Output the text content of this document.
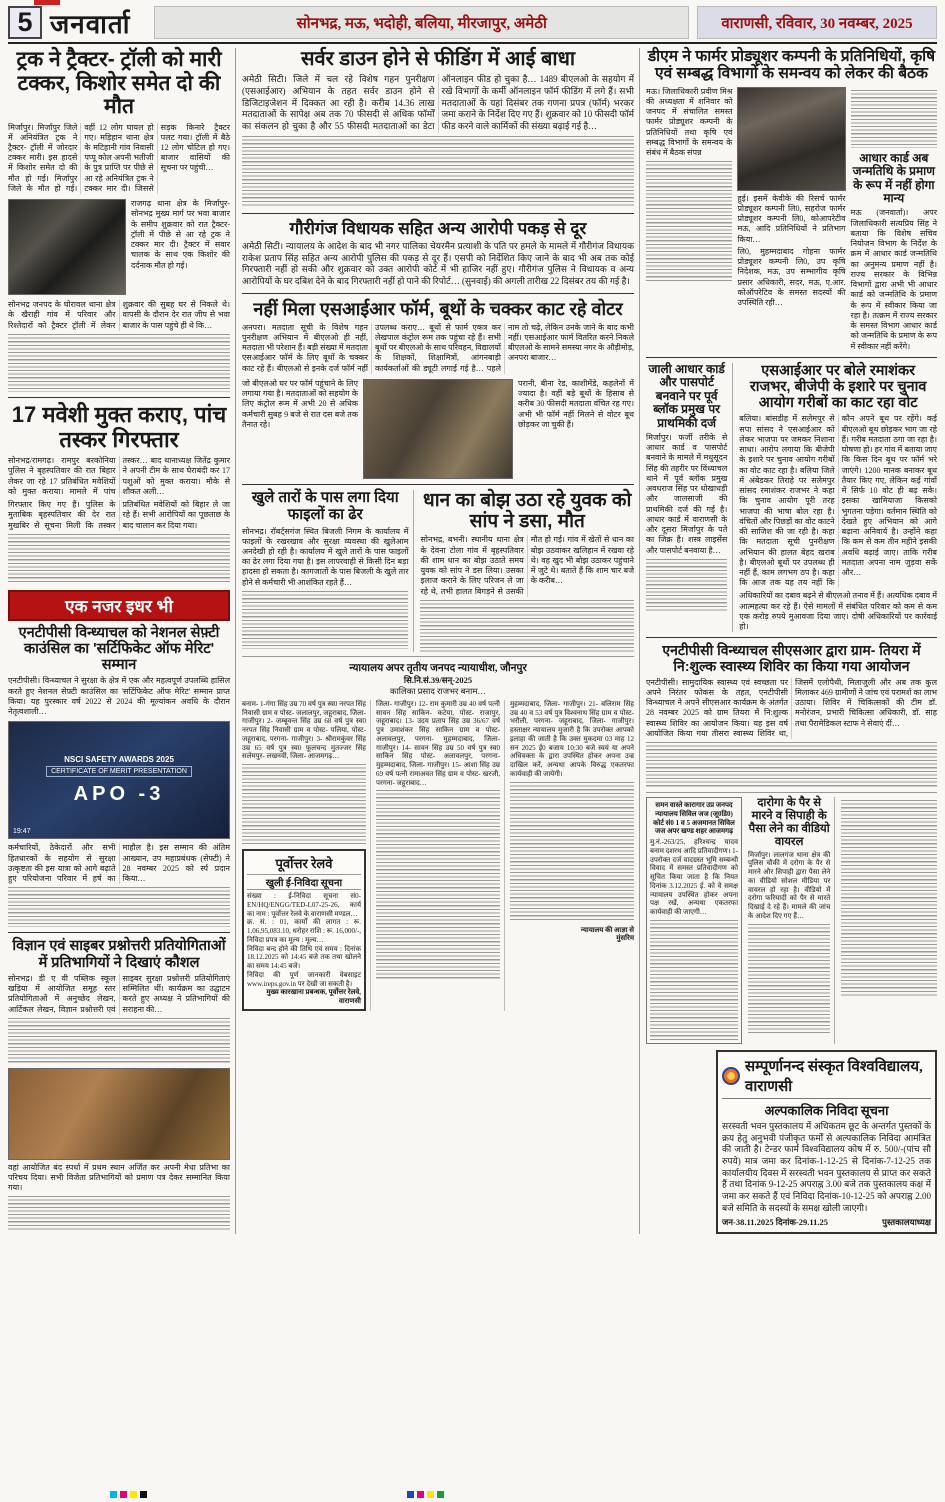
5 जनवार्ता	सोनभद्र, मऊ, भदोही, बलिया, मीरजापुर, अमेठी	वाराणसी, रविवार, 30 नवम्बर, 2025
ट्रक ने ट्रैक्टर- ट्रॉली को मारी टक्कर, किशोर समेत दो की मौत
मिर्जापुर। मिर्जापुर जिले में अनियंत्रित ट्रक ने ट्रैक्टर- ट्रॉली में जोरदार टक्कर मारी। इस हादसे में किशोर समेत दो की मौत हो गई। मिर्जापुर जिले के मौत हो गई। वहीं 12 लोग घायल हो गए। मड़िहान थाना क्षेत्र के मटिहानी गांव निवासी पप्पू कोल अपनी भतीजी के पुत्र प्राप्ति पर पीछे से आ रहे अनियंत्रित ट्रक ने टक्कर मार दी। जिससे सड़क किनारे ट्रैक्टर पलट गया। ट्रॉली में बैठे 12 लोग चोटिल हो गए। बाजार वासियों की सूचना पर पहुंची…
राजगढ़ थाना क्षेत्र के मिर्जापुर- सोनभद्र मुख्य मार्ग पर भवा बाजार के समीप शुक्रवार को रात ट्रैक्टर- ट्रॉली में पीछे से आ रहे ट्रक ने टक्कर मार दी। ट्रैक्टर में सवार चालक के साथ एक किशोर की दर्दनाक मौत हो गई।
सोनभद्र जनपद के घोरावल थाना क्षेत्र के खैराही गांव में परिवार और रिश्तेदारों को ट्रैक्टर ट्रॉली में लेकर शुक्रवार की सुबह घर से निकले थे। वापसी के दौरान देर रात जीप से भवा बाजार के पास पहुंचे ही थे कि…
17 मवेशी मुक्त कराए, पांच तस्कर गिरफ्तार
सोनभद्र/रामगढ़। रामपुर बरकोनिया पुलिस ने बृहस्पतिवार की रात बिहार लेकर जा रहे 17 प्रतिबंधित मवेशियों को मुक्त कराया। मामले में पांच तस्कर… बाद थानाध्यक्ष जितेंद्र कुमार ने अपनी टीम के साथ घेराबंदी कर 17 पशुओं को मुक्त कराया। मौके से शौकत अली…
गिरफ्तार किए गए हैं। पुलिस के मुताबिक बृहस्पतिवार की देर रात मुखबिर से सूचना मिली कि तस्कर प्रतिबंधित मवेशियों को बिहार ले जा रहे हैं। सभी आरोपियों का पूछताछ के बाद चालान कर दिया गया।
एक नजर इधर भी
एनटीपीसी विन्ध्याचल को नेशनल सेफ़्टी काउंसिल का 'सर्टिफिकेट ऑफ मेरिट' सम्मान
एनटीपीसी। विन्ध्याचल ने सुरक्षा के क्षेत्र में एक और महत्वपूर्ण उपलब्धि हासिल करते हुए नेशनल सेफ़्टी काउंसिल का 'सर्टिफिकेट ऑफ मेरिट' सम्मान प्राप्त किया। यह पुरस्कार वर्ष 2022 से 2024 की मूल्यांकन अवधि के दौरान नेतृत्वशाली…
NSCI SAFETY AWARDS 2025
CERTIFICATE OF MERIT PRESENTATION
APO -3
19:47
कर्मचारियों, ठेकेदारों और सभी हितधारकों के सहयोग से सुरक्षा उत्कृष्टता की इस यात्रा को आगे बढ़ाते हुए परियोजना परिवार में हर्ष का माहौल है। इस सम्मान की अंतिम आख्यान, उप महाप्रबंधक (सेफ्टी) ने 28 नवम्बर 2025 को र्स्प प्रदान किया…
विज्ञान एवं साइबर प्रश्नोत्तरी प्रतियोगिताओं में प्रतिभागियों ने दिखाएं कौशल
सोनभद्र। डी ए वी पब्लिक स्कूल खड़िया में आयोजित समूह स्तर प्रतियोगिताओं में अनुच्छेद लेखन, आर्टिकल लेखन, विज्ञान प्रश्नोत्तरी एवं साइबर सुरक्षा प्रश्नोत्तरी प्रतियोगिताएं सम्मिलित थीं। कार्यक्रम का उद्घाटन करते हुए अध्यक्ष ने प्रतिभागियों की सराहना की…
वहां आयोजित बंद स्पर्धा में प्रथम स्थान अर्जित कर अपनी मेधा प्रतिभा का परिचय दिया। सभी विजेता प्रतिभागियों को प्रमाण पत्र देकर सम्मानित किया गया।
सर्वर डाउन होने से फीडिंग में आई बाधा
अमेठी सिटी। जिले में चल रहे विशेष गहन पुनरीक्षण (एसआईआर) अभियान के तहत सर्वर डाउन होने से डिजिटाइजेशन में दिक्कत आ रही है। करीब 14.36 लाख मतदाताओं के सापेक्ष अब तक 70 फीसदी से अधिक फॉर्मों का संकलन हो चुका है और 55 फीसदी मतदाताओं का डेटा ऑनलाइन फीड हो चुका है… 1489 बीएलओ के सहयोग में रखे विभागों के कर्मी ऑनलाइन फॉर्म फीडिंग में लगे हैं। सभी मतदाताओं के यहां दिसंबर तक गणना प्रपत्र (फॉर्म) भरकर जमा कराने के निर्देश दिए गए हैं। शुक्रवार को 10 फीसदी फॉर्म फीड करने वाले कार्मिकों की संख्या बढ़ाई गई है…
गौरीगंज विधायक सहित अन्य आरोपी पकड़ से दूर
अमेठी सिटी। न्यायालय के आदेश के बाद भी नगर पालिका चेयरमैन प्रत्याशी के पति पर हमले के मामले में गौरीगंज विधायक राकेश प्रताप सिंह सहित अन्य आरोपी पुलिस की पकड़ से दूर हैं। एसपी को निर्देशित किए जाने के बाद भी अब तक कोई गिरफ्तारी नहीं हो सकी और शुक्रवार को उक्त आरोपी कोर्ट में भी हाजिर नहीं हुए। गौरीगंज पुलिस ने विधायक व अन्य आरोपियों के घर दबिश देने के बाद गिरफ्तारी नहीं हो पाने की रिपोर्ट… (सुनवाई) की अगली तारीख 22 दिसंबर तय की गई है।
नहीं मिला एसआईआर फॉर्म, बूथों के चक्कर काट रहे वोटर
अनपरा। मतदाता सूची के विशेष गहन पुनरीक्षण अभियान में बीएलओ ही नहीं, मतदाता भी परेशान हैं। बड़ी संख्या में मतदाता एसआईआर फॉर्म के लिए बूथों के चक्कर काट रहे हैं। बीएलओ से इनके दर्ज फॉर्म नहीं उपलब्ध कराए… बूथों से फार्म एकत्र कर लेखपाल कंट्रोल रूम तक पहुंचा रहे हैं। सभी बूथों पर बीएलओ के साथ परिवहन, विद्यालयों के शिक्षकों, शिक्षामित्रों, आंगनबाड़ी कार्यकर्ताओं की ड्यूटी लगाई गई है… पहले नाम तो चढ़े, लेकिन उनके जाने के बाद कभी नहीं। एसआईआर फार्म वितरित करने निकले बीएलओ के सामने समस्या नगर के औड़ीमोड़, अनपरा बाजार…
जो बीएलओ घर पर फॉर्म पहुंचाने के लिए लगाया गया है। मतदाताओं को सहयोग के लिए कंट्रोल रूम में अभी 20 से अधिक कर्मचारी सुबह 9 बजे से रात दस बजे तक तैनात रहे।
परानी, बीना रेड, काशीमेंडे, कहलेनों में ज्यादा है। वहीं बड़े बूथों के हिसाब से करीब 30 फीसदी मतदाता वंचित रह गए। अभी भी फॉर्म नहीं मिलने से वोटर बूथ छोड़कर जा चुकी हैं।
खुले तारों के पास लगा दिया फाइलों का ढेर
सोनभद्र। रॉबर्ट्सगंज स्थित बिजली निगम के कार्यालय में फाइलों के रखरखाव और सुरक्षा व्यवस्था की खुलेआम अनदेखी हो रही है। कार्यालय में खुले तारों के पास फाइलों का ढेर लगा दिया गया है। इस लापरवाही से किसी दिन बड़ा हादसा हो सकता है। कागजातों के पास बिजली के खुले तार होने से कर्मचारी भी आशंकित रहते हैं…
धान का बोझ उठा रहे युवक को सांप ने डसा, मौत
सोनभद्र, बभनी। स्थानीय थाना क्षेत्र के देवना टोला गांव में बृहस्पतिवार की शाम धान का बोझ उठाते समय युवक को सांप ने डस लिया। उसका इलाज कराने के लिए परिजन ले जा रहे थे, तभी हालत बिगड़ने से उसकी मौत हो गई। गांव में खेतों से धान का बोझ उठवाकर खलिहान में रखवा रहे थे। वह खुद भी बोझ उठाकर पहुंचाने में जुटे थे। बताते हैं कि शाम चार बजे के करीब…
न्यायालय अपर तृतीय जनपद न्यायाधीश, जौनपुर
सि.नि.सं.39/सन्-2025
कालिका प्रसाद राजभर बनाम…
बनाम- 1-गंगा सिंह उम्र 70 वर्ष पुत्र स्व0 नरपत सिंह निवासी ग्राम व पोस्ट- जलालपुर, जहूराबाद, जिला- गाजीपुर। 2- जम्बूवन्त सिंह उम्र 68 वर्ष पुत्र स्व0 नरपत सिंह निवासी ग्राम व पोस्ट- पलिया, पोस्ट- जहूराबाद, परगना- गाजीपुर। 3- श्रीरामकुंवर सिंह उम्र 65 वर्ष पुत्र स्व0 फूलचन्द मुतज्जर सिंह सलेमपुर- लखनवी, जिला- आजमगढ़…
पूर्वोत्तर रेलवे
खुली ई-निविदा सूचना
संख्या : ई-निविदा सूचना सं0- EN/HQ/ENGG/TED-L07-25-26, कार्य का नाम : पूर्वोत्तर रेलवे के वाराणसी मण्डल…
क्र. सं. : 01, कार्यों की लागत : रू. 1,06,95,083.10, धरोहर राशि : रू. 16,000/-, निविदा प्रपत्र का मूल्य : मूल्य…
निविदा बन्द होने की तिथि एवं समय : दिनांक 18.12.2025 को 14:45 बजे तक तथा खोलने का समय 14:45 बजे।
निविदा की पूर्ण जानकारी वेबसाइट www.ireps.gov.in पर देखी जा सकती है।
मुख्य कारखाना प्रबन्धक, पूर्वोत्तर रेलवे, वाराणसी
जिला- गाजीपुर। 12- राम कुमारी उम्र 40 वर्ष पत्नी सावन सिंह साकिन- कटेया, पोस्ट- राजापुर, जहूराबाद। 13- उदय प्रताप सिंह उम्र 36/67 वर्ष पुत्र उमाशंकर सिंह साकिन ग्राम व पोस्ट- अलावलपुर, परगना- मुहम्मदाबाद, जिला- गाजीपुर। 14- सावन सिंह उम्र 50 वर्ष पुत्र स्व0 साकिन सिंह पोस्ट- अलावलपुर, परगना- मुहम्मदाबाद, जिला- गाजीपुर। 15- आशा सिंह उम्र 69 वर्ष पत्नी रामाअवत सिंह ग्राम व पोस्ट- खरजी, परगना- जहूराबाद…
मुहम्मदाबाद, जिला- गाजीपुर। 21- बलिराम सिंह उम्र 40 व 53 वर्ष पुत्र विश्वनाथ सिंह ग्राम व पोस्ट- भरौली, परगना- जहूराबाद, जिला- गाजीपुर। हस्ताक्षर न्यायालय मुजारी है कि उपरोक्त आपको इलाहा की जाती है कि उक्त मुकदमा 03 माह 12 सन 2025 ई0 बजाय 10:30 बजे स्वयं या अपने अधिवक्ता के द्वारा उपस्थित होकर अपना उज्र दाखिल करें, अन्यथा आपके विरुद्ध एकतरफा कार्यवाही की जायेगी।
न्यायालय की आज्ञा से
मुंसरिम
डीएम ने फार्मर प्रोड्यूशर कम्पनी के प्रतिनिधियों, कृषि एवं सम्बद्ध विभागों के समन्वय को लेकर की बैठक
मऊ। जिलाधिकारी प्रवीण मिश्र की अध्यक्षता में शनिवार को जनपद में संचालित समस्त फार्मर प्रोड्यूशर कम्पनी के प्रतिनिधियों तथा कृषि एवं सम्बद्ध विभागों के समन्वय के संबंध में बैठक संपन्न
हुई। इसमें केवीके की रिसर्च फार्मर प्रोड्यूशर कम्पनी लि0, सहरोज फार्मर प्रोड्यूशर कम्पनी लि0, कोआपरेटीव मऊ, आदि प्रतिनिधियों ने प्रतिभाग किया…
लि0, मुहम्मदाबाद गोहना फार्मर प्रोड्यूशर कम्पनी लि0, उप कृषि निदेशक, मऊ, उप सम्भागीय कृषि प्रसार अधिकारी, सदर, मऊ, ए.आर. कोऑपरेटिव के समस्त सदस्यों की उपस्थिति रही…
आधार कार्ड अब जन्मतिथि के प्रमाण के रूप में नहीं होगा मान्य
मऊ (जनवार्ता)। अपर जिलाधिकारी सत्यप्रिय सिंह ने बताया कि विशेष सचिव नियोजन विभाग के निर्देश के क्रम में आधार कार्ड जन्मतिथि का अनुमन्य प्रमाण नहीं है। राज्य सरकार के विभिन्न विभागों द्वारा अभी भी आधार कार्ड को जन्मतिथि के प्रमाण के रूप में स्वीकार किया जा रहा है। तत्क्रम में राज्य सरकार के समस्त विभाग आधार कार्ड को जन्मतिथि के प्रमाण के रूप में स्वीकार नहीं करेंगे।
जाली आधार कार्ड और पासपोर्ट बनवाने पर पूर्व ब्लॉक प्रमुख पर प्राथमिकी दर्ज
मिर्जापुर। फर्जी तरीके से आधार कार्ड व पासपोर्ट बनवाने के मामले में मधुसूदन सिंह की तहरीर पर विंध्याचल थाने में पूर्व ब्लॉक प्रमुख अवधराज सिंह पर धोखाधड़ी और जालसाजी की प्राथमिकी दर्ज की गई है। आधार कार्ड में वाराणसी के और दूसरा मिर्जापुर के पते का जिक्र है। शस्त्र लाइसेंस और पासपोर्ट बनवाया है…
एसआईआर पर बोले रमाशंकर राजभर, बीजेपी के इशारे पर चुनाव आयोग गरीबों का काट रहा वोट
बलिया। बांसडीह में सलेमपुर से सपा सांसद ने एसआईआर को लेकर भाजपा पर जमकर निशाना साधा। आरोप लगाया कि बीजेपी के इशारे पर चुनाव आयोग गरीबों का वोट काट रहा है। बलिया जिले में अंबेडकर तिराहे पर सलेमपुर सांसद रमाशंकर राजभर ने कहा कि चुनाव आयोग पूरी तरह भाजपा की भाषा बोल रहा है। वंचितों और पिछड़ों का वोट काटने की साजिश की जा रही है। कहा कि मतदाता सूची पुनरीक्षण अभियान की हालत बेहद खराब है। बीएलओ बूथों पर उपलब्ध ही नहीं हैं, काम लगभग ठप है। कहा कि आज तक यह तय नहीं कि कौन अपने बूथ पर रहेंगे। कई बीएलओ बूथ छोड़कर भाग जा रहे हैं। गरीब मतदाता ठगा जा रहा है। घोषणा हो। हर गांव में बताया जाए कि किस दिन बूथ पर फॉर्म भरे जाएंगे। 1200 मानक बनाकर बूथ तैयार किए गए, लेकिन कई गांवों में सिर्फ 10 वोट ही बढ़ सके। इसका खामियाजा किसको भुगतना पड़ेगा। वर्तमान स्थिति को देखते हुए अभियान को आगे बढ़ाना अनिवार्य है। उन्होंने कहा कि कम से कम तीन महीने इसकी अवधि बढ़ाई जाए। ताकि गरीब मतदाता अपना नाम जुड़वा सकें और…
अधिकारियों का दबाव बढ़ने से बीएलओ तनाव में हैं। अत्यधिक दबाव में आत्महत्या कर रहे हैं। ऐसे मामलों में संबंधित परिवार को कम से कम एक करोड़ रुपये मुआवजा दिया जाए। दोषी अधिकारियों पर कार्रवाई हो।
एनटीपीसी विन्ध्याचल सीएसआर द्वारा ग्राम- तियरा में नि:शुल्क स्वास्थ्य शिविर का किया गया आयोजन
एनटीपीसी। सामुदायिक स्वास्थ्य एवं स्वच्छता पर अपने निरंतर फोकस के तहत, एनटीपीसी विन्ध्याचल ने अपने सीएसआर कार्यक्रम के अंतर्गत 28 नवम्बर 2025 को ग्राम तियरा में नि:शुल्क स्वास्थ्य शिविर का आयोजन किया। यह इस वर्ष आयोजित किया गया तीसरा स्वास्थ्य शिविर था, जिसमें एलोपैथी, मिलाजुली और अब तक कुल मिलाकर 469 ग्रामीणों ने जांच एवं परामर्श का लाभ उठाया। शिविर में चिकित्सकों की टीम डॉ. मनोरंजन, प्रभारी चिकित्सा अधिकारी, डॉ. साह तथा पैरामेडिकल स्टाफ ने सेवाएं दीं…
समन वास्ते कारागार उप्र जनपद न्यायालय सिविल जज (जू0डि0) कोर्ट सं0 1 व 5 अजमानत सिविल जज अपर खण्ड शहर आजमगढ़
मु.नं.-263/25, हरिश्चन्द्र यादव बनाम दशरथ आदि प्रतिवादीगण। 1- उपरोक्त दर्ज वादग्रस्त भूमि सम्बन्धी विवाद में समस्त प्रतिवादीगण को सूचित किया जाता है कि नियत दिनांक 3.12.2025 ई. को वे समक्ष न्यायालय उपस्थित होकर अपना पक्ष रखें, अन्यथा एकतरफा कार्यवाही की जाएगी…
दारोगा के पैर से मारने व सिपाही के पैसा लेने का वीडियो वायरल
मिर्जापुर। लालगंज थाना क्षेत्र की पुलिस चौकी में दरोगा के पैर से मारने और सिपाही द्वारा पैसा लेने का वीडियो सोशल मीडिया पर वायरल हो रहा है। वीडियो में दरोगा फरियादी को पैर से मारते दिखाई दे रहे हैं। मामले की जांच के आदेश दिए गए हैं…
सम्पूर्णानन्द संस्कृत विश्वविद्यालय, वाराणसी
अल्पकालिक निविदा सूचना
सरस्वती भवन पुस्तकालय में अधिकतम छूट के अन्तर्गत पुस्तकों के क्रय हेतु अनुभवी पंजीकृत फर्मों से अल्पकालिक निविदा आमंत्रित की जाती है। टेन्डर फार्म विश्वविद्यालय कोष में रु. 500/-(पांच सौ रुपये) मात्र जमा कर दिनांक-1-12-25 से दिनांक-7-12-25 तक कार्यालयीय दिवस में सरस्वती भवन पुस्तकालय से प्राप्त कर सकते हैं तथा दिनांक 9-12-25 अपराह्न 3.00 बजे तक पुस्तकालय कक्ष में जमा कर सकते हैं एवं निविदा दिनांक-10-12-25 को अपराह्न 2.00 बजे समिति के सदस्यों के समक्ष खोली जाएगी।
जन-38.11.2025 दिनांक-29.11.25	पुस्तकालयाध्यक्ष
